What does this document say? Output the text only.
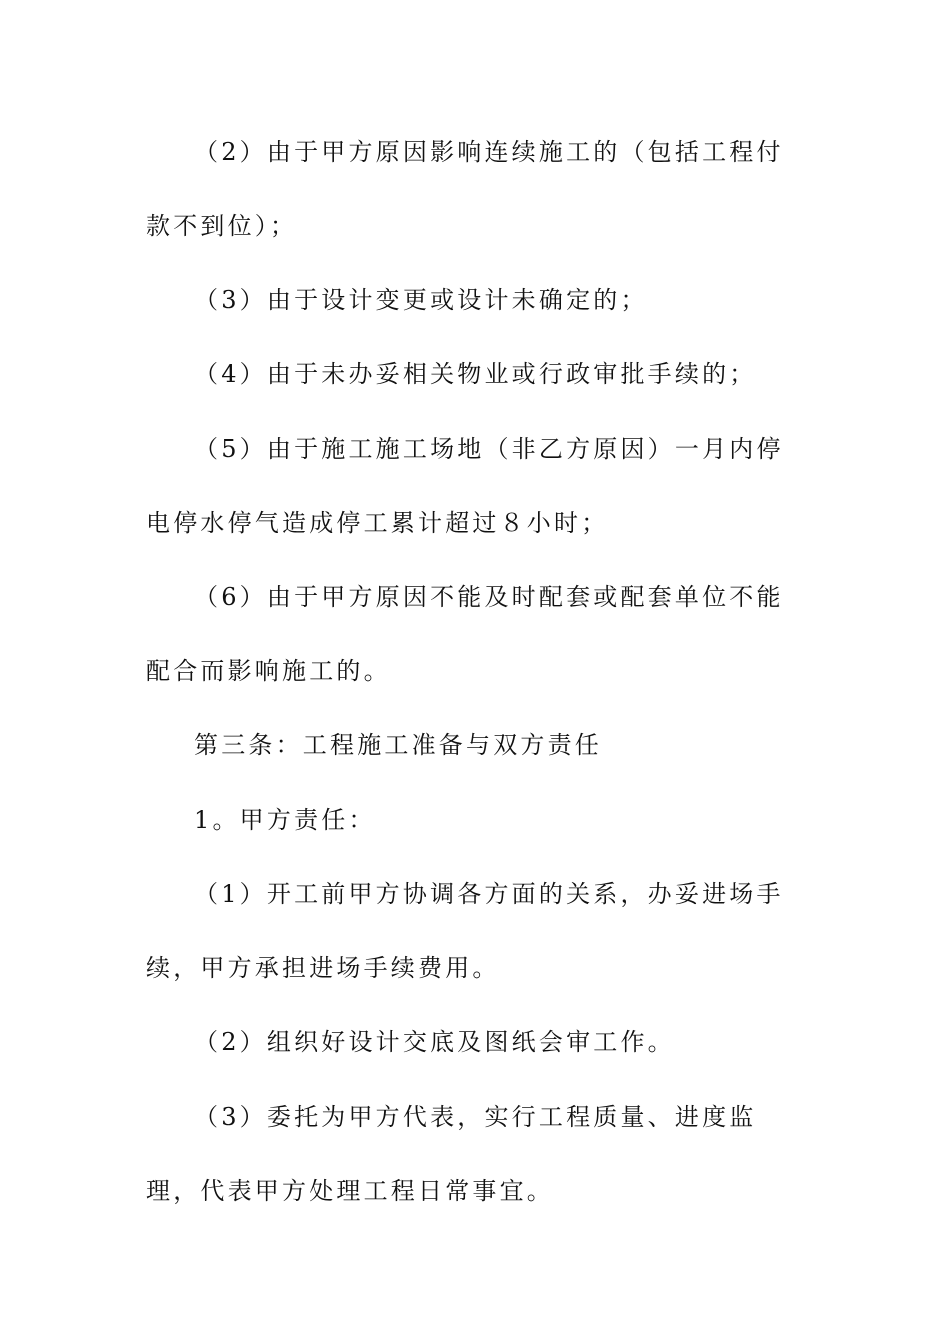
（2）由于甲方原因影响连续施工的（包括工程付款不到位）；

（3）由于设计变更或设计未确定的；

（4）由于未办妥相关物业或行政审批手续的；

（5）由于施工施工场地（非乙方原因）一月内停电停水停气造成停工累计超过８小时；

（6）由于甲方原因不能及时配套或配套单位不能配合而影响施工的。

第三条：工程施工准备与双方责任

1。甲方责任：

（1）开工前甲方协调各方面的关系，办妥进场手续，甲方承担进场手续费用。

（2）组织好设计交底及图纸会审工作。

（3）委托为甲方代表，实行工程质量、进度监理，代表甲方处理工程日常事宜。
